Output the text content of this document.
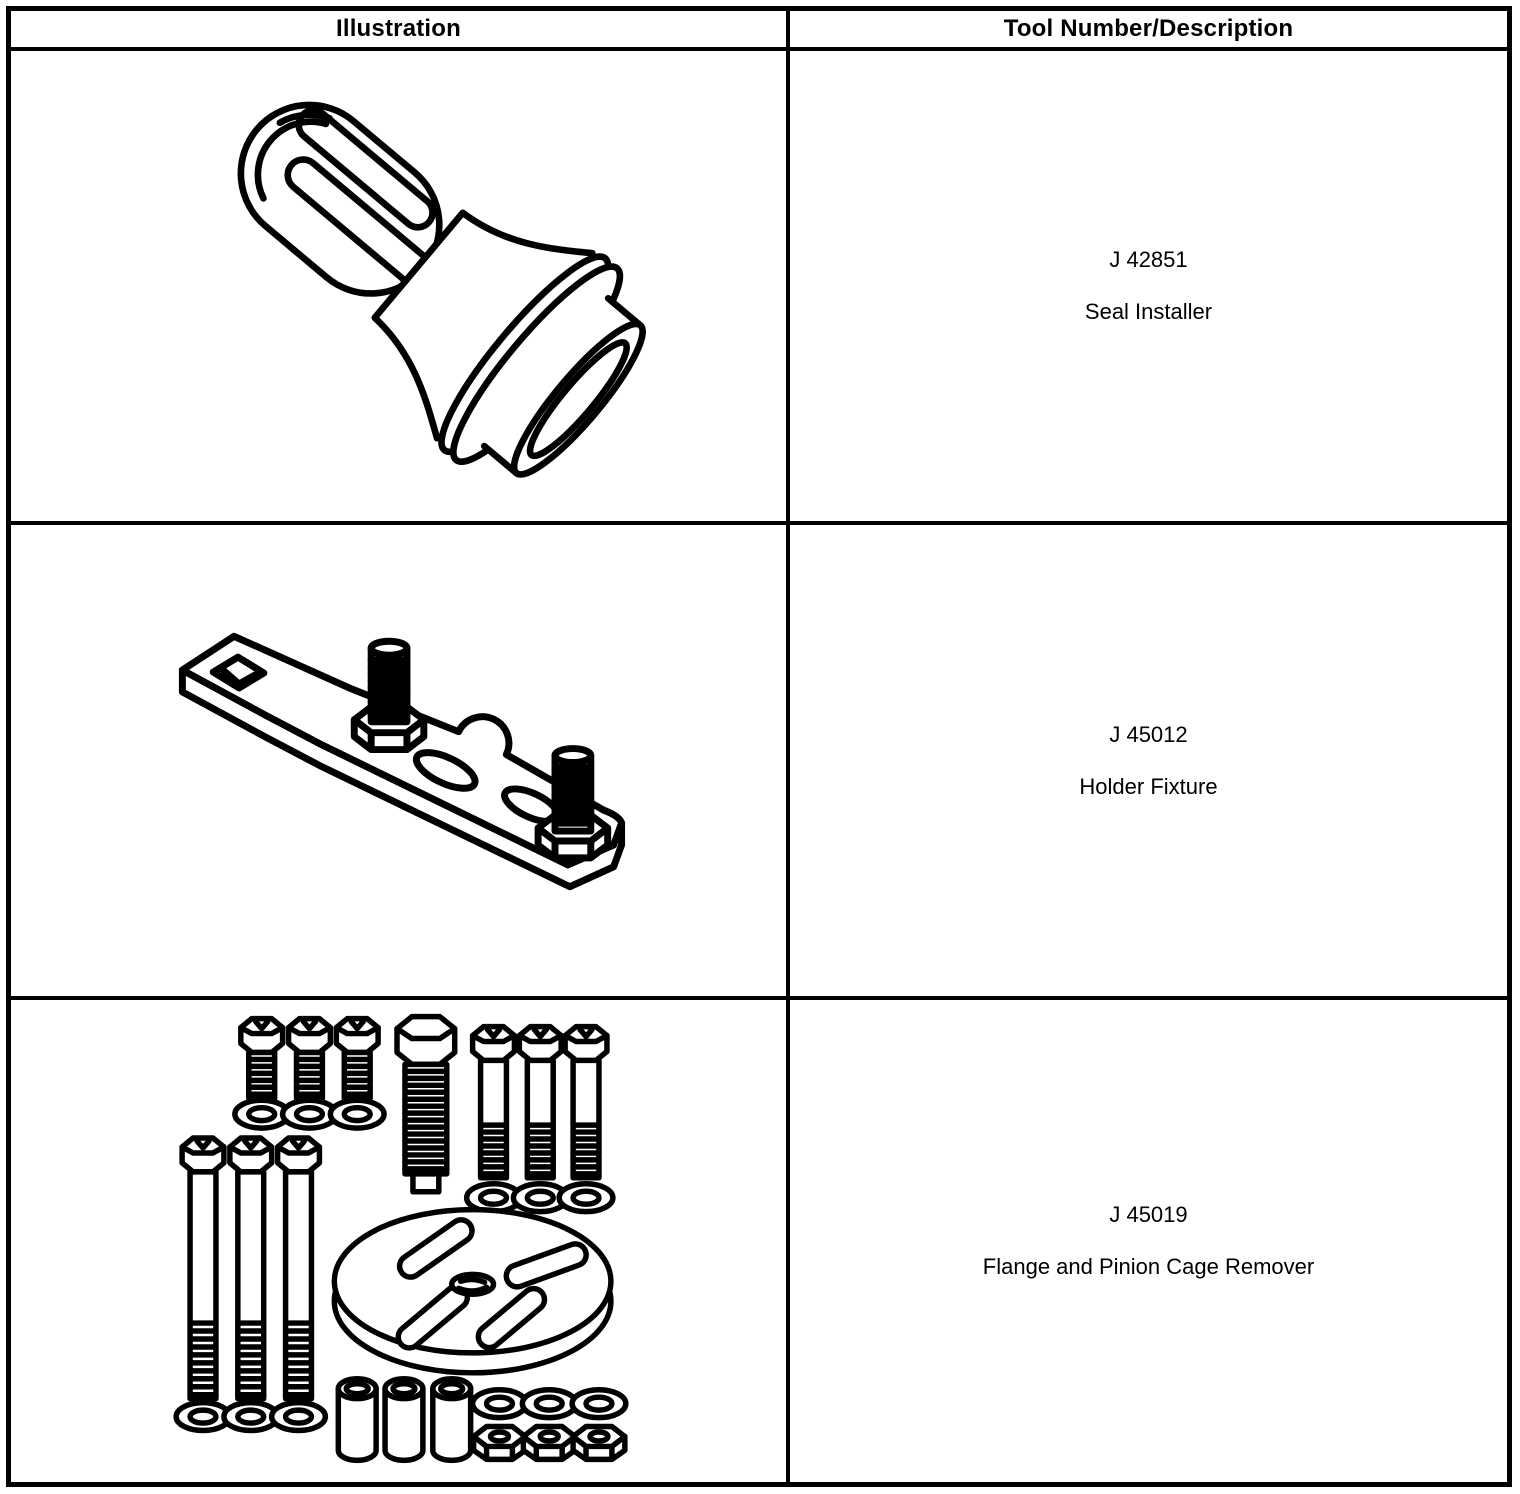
Illustration	Tool Number/Description
J 42851
Seal Installer
J 45012
Holder Fixture
J 45019
Flange and Pinion Cage Remover
